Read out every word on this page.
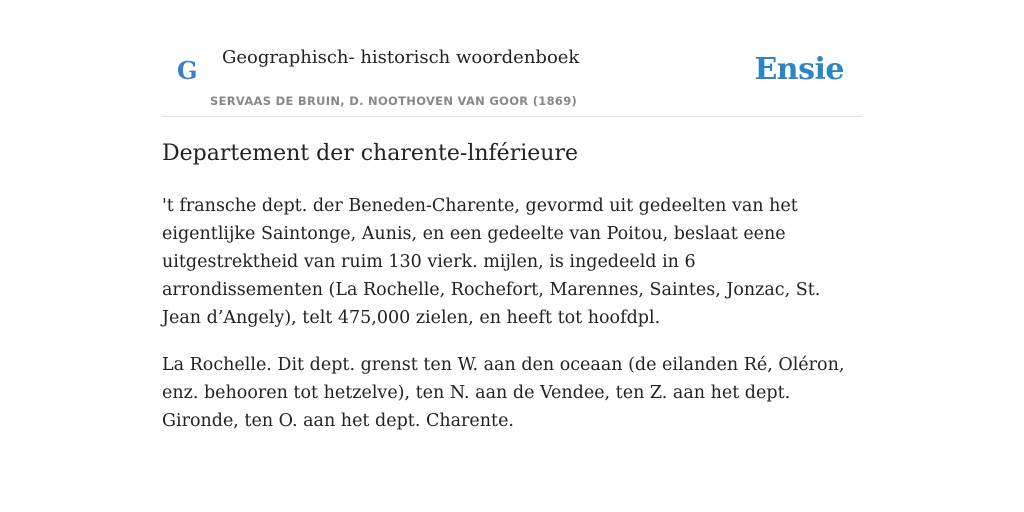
G Geographisch- historisch woordenboek
SERVAAS DE BRUIN, D. NOOTHOVEN VAN GOOR (1869)
Ensie
Departement der charente-lnférieure

't fransche dept. der Beneden-Charente, gevormd uit gedeelten van het eigentlijke Saintonge, Aunis, en een gedeelte van Poitou, beslaat eene uitgestrektheid van ruim 130 vierk. mijlen, is ingedeeld in 6 arrondissementen (La Rochelle, Rochefort, Marennes, Saintes, Jonzac, St. Jean d’Angely), telt 475,000 zielen, en heeft tot hoofdpl.

La Rochelle. Dit dept. grenst ten W. aan den oceaan (de eilanden Ré, Oléron, enz. behooren tot hetzelve), ten N. aan de Vendee, ten Z. aan het dept. Gironde, ten O. aan het dept. Charente.
